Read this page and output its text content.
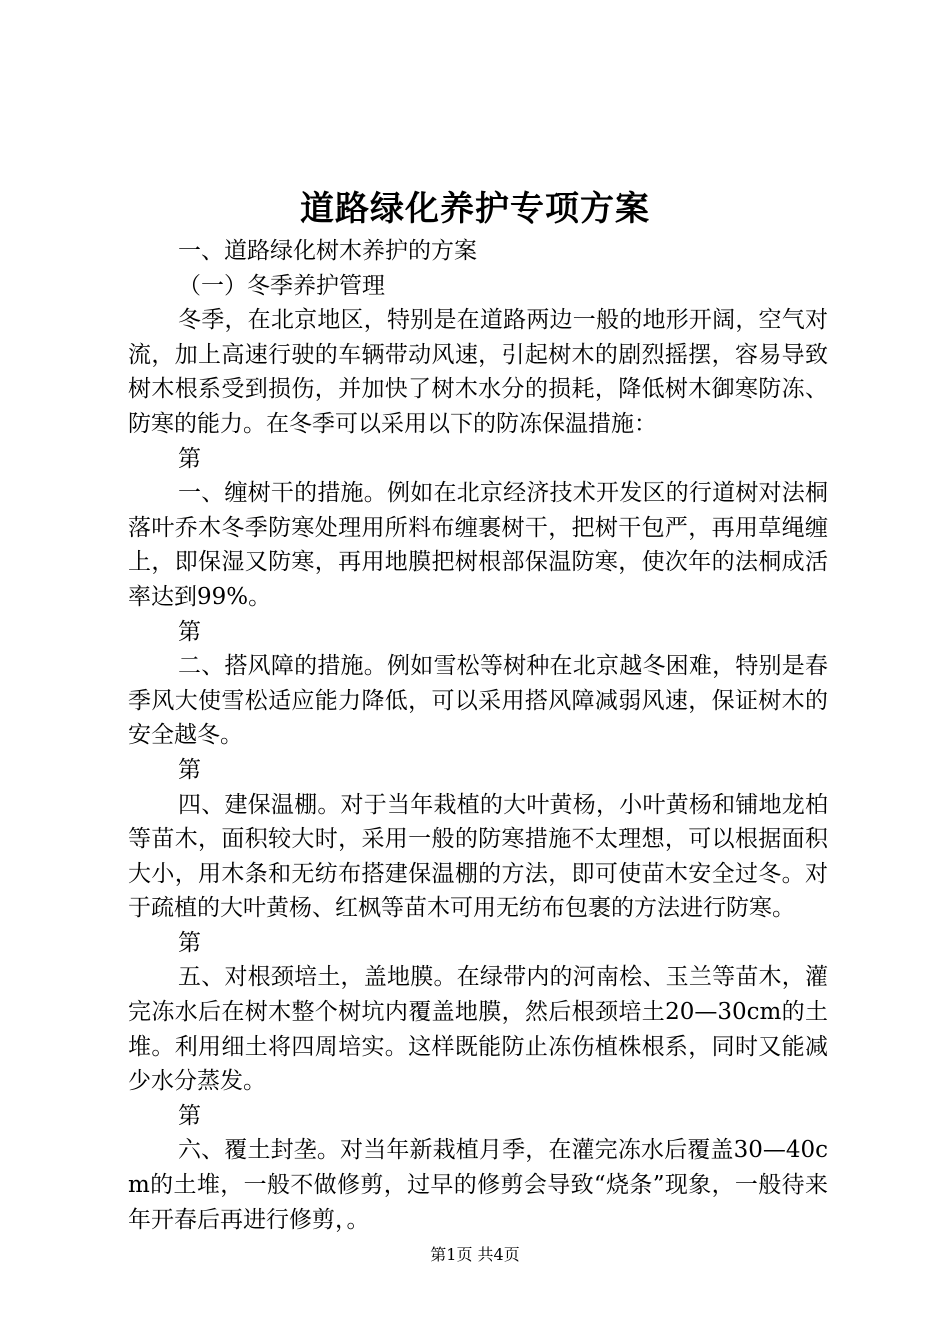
道路绿化养护专项方案

一、道路绿化树木养护的方案

（一）冬季养护管理

冬季，在北京地区，特别是在道路两边一般的地形开阔，空气对流，加上高速行驶的车辆带动风速，引起树木的剧烈摇摆，容易导致树木根系受到损伤，并加快了树木水分的损耗，降低树木御寒防冻、防寒的能力。在冬季可以采用以下的防冻保温措施：

第

一、缠树干的措施。例如在北京经济技术开发区的行道树对法桐落叶乔木冬季防寒处理用所料布缠裹树干，把树干包严，再用草绳缠上，即保湿又防寒，再用地膜把树根部保温防寒，使次年的法桐成活率达到99%。

第

二、搭风障的措施。例如雪松等树种在北京越冬困难，特别是春季风大使雪松适应能力降低，可以采用搭风障减弱风速，保证树木的安全越冬。

第

四、建保温棚。对于当年栽植的大叶黄杨，小叶黄杨和铺地龙柏等苗木，面积较大时，采用一般的防寒措施不太理想，可以根据面积大小，用木条和无纺布搭建保温棚的方法，即可使苗木安全过冬。对于疏植的大叶黄杨、红枫等苗木可用无纺布包裹的方法进行防寒。

第

五、对根颈培土，盖地膜。在绿带内的河南桧、玉兰等苗木，灌完冻水后在树木整个树坑内覆盖地膜，然后根颈培土20—30cm的土堆。利用细土将四周培实。这样既能防止冻伤植株根系，同时又能减少水分蒸发。

第

六、覆土封垄。对当年新栽植月季，在灌完冻水后覆盖30—40cm的土堆，一般不做修剪，过早的修剪会导致“烧条”现象，一般待来年开春后再进行修剪，。

第1页 共4页
